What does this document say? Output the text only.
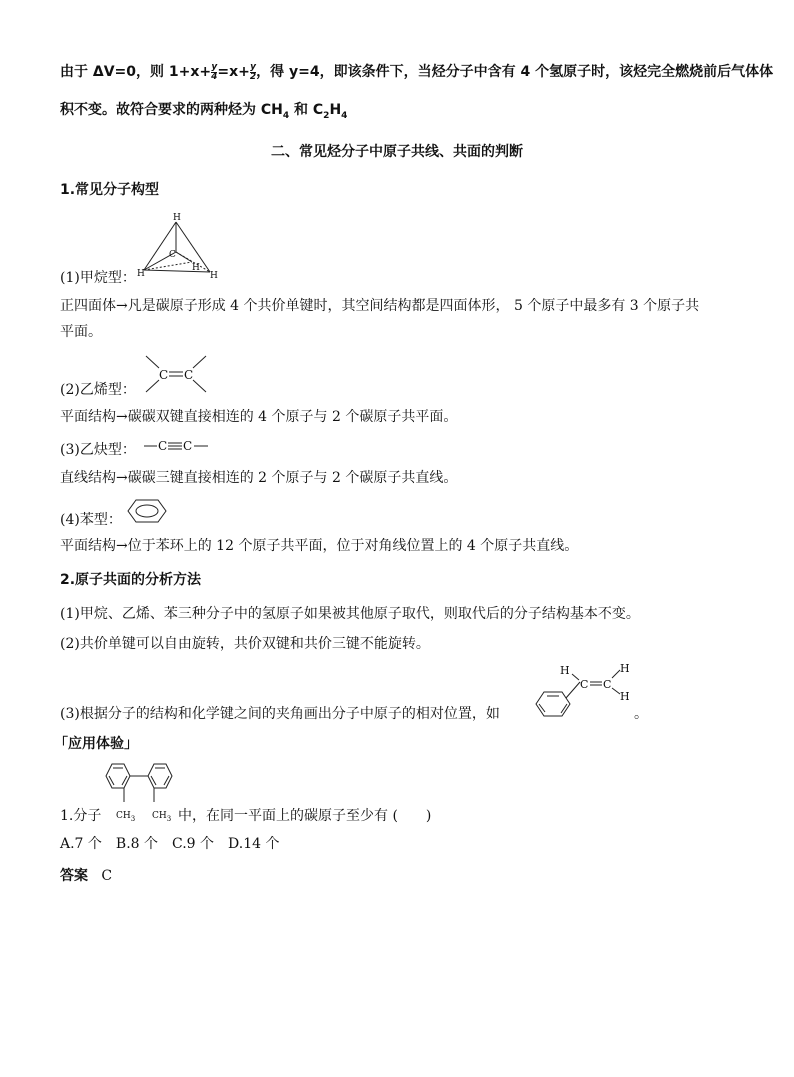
由于 ΔV=0，则 $1+x+ \frac{y}{4} =x+ \frac{y}{2}$ ，得 y=4，即该条件下，当烃分子中含有 4 个氢原子时，该烃完全燃烧前后气体体
积不变。故符合要求的两种烃为 $CH_4$ 和 $C_2H_4$
二、常见烃分子中原子共线、共面的判断
1.常见分子构型
H
C
H
H
H
(1)甲烷型：
正四面体→凡是碳原子形成 4 个共价单键时，其空间结构都是四面体形， 5 个原子中最多有 3 个原子共
平面。
C C
(2)乙烯型：
平面结构→碳碳双键直接相连的 4 个原子与 2 个碳原子共平面。
(3)乙炔型： C C
直线结构→碳碳三键直接相连的 2 个原子与 2 个碳原子共直线。
(4)苯型：
平面结构→位于苯环上的 12 个原子共平面，位于对角线位置上的 4 个原子共直线。
2.原子共面的分析方法
(1)甲烷、乙烯、苯三种分子中的氢原子如果被其他原子取代，则取代后的分子结构基本不变。
(2)共价单键可以自由旋转，共价双键和共价三键不能旋转。
(3)根据分子的结构和化学键之间的夹角画出分子中原子的相对位置，如
H
C C
H
H
。
「应用体验」
$CH_3$ $CH_3$
1.分子	中，在同一平面上的碳原子至少有 (　　)
A.7 个　B.8 个　C.9 个　D.14 个
答案 C
